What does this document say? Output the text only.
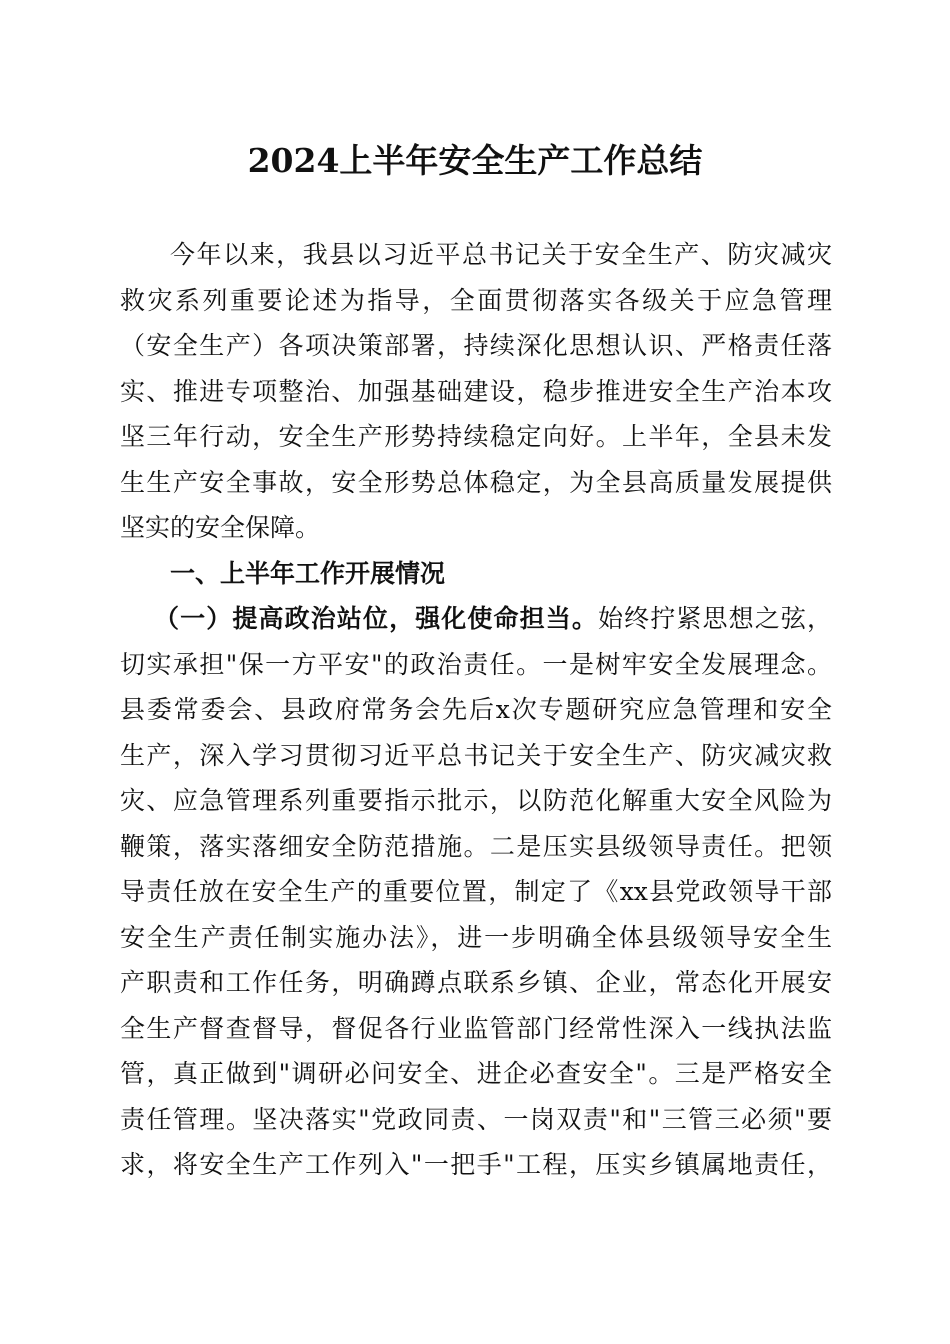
2024上半年安全生产工作总结
今年以来，我县以习近平总书记关于安全生产、防灾减灾
救灾系列重要论述为指导，全面贯彻落实各级关于应急管理
（安全生产）各项决策部署，持续深化思想认识、严格责任落
实、推进专项整治、加强基础建设，稳步推进安全生产治本攻
坚三年行动，安全生产形势持续稳定向好。上半年，全县未发
生生产安全事故，安全形势总体稳定，为全县高质量发展提供
坚实的安全保障。
一、上半年工作开展情况
（一）提高政治站位，强化使命担当。始终拧紧思想之弦，
切实承担"保一方平安"的政治责任。一是树牢安全发展理念。
县委常委会、县政府常务会先后x次专题研究应急管理和安全
生产，深入学习贯彻习近平总书记关于安全生产、防灾减灾救
灾、应急管理系列重要指示批示，以防范化解重大安全风险为
鞭策，落实落细安全防范措施。二是压实县级领导责任。把领
导责任放在安全生产的重要位置，制定了《xx县党政领导干部
安全生产责任制实施办法》，进一步明确全体县级领导安全生
产职责和工作任务，明确蹲点联系乡镇、企业，常态化开展安
全生产督查督导，督促各行业监管部门经常性深入一线执法监
管，真正做到"调研必问安全、进企必查安全"。三是严格安全
责任管理。坚决落实"党政同责、一岗双责"和"三管三必须"要
求，将安全生产工作列入"一把手"工程，压实乡镇属地责任，
